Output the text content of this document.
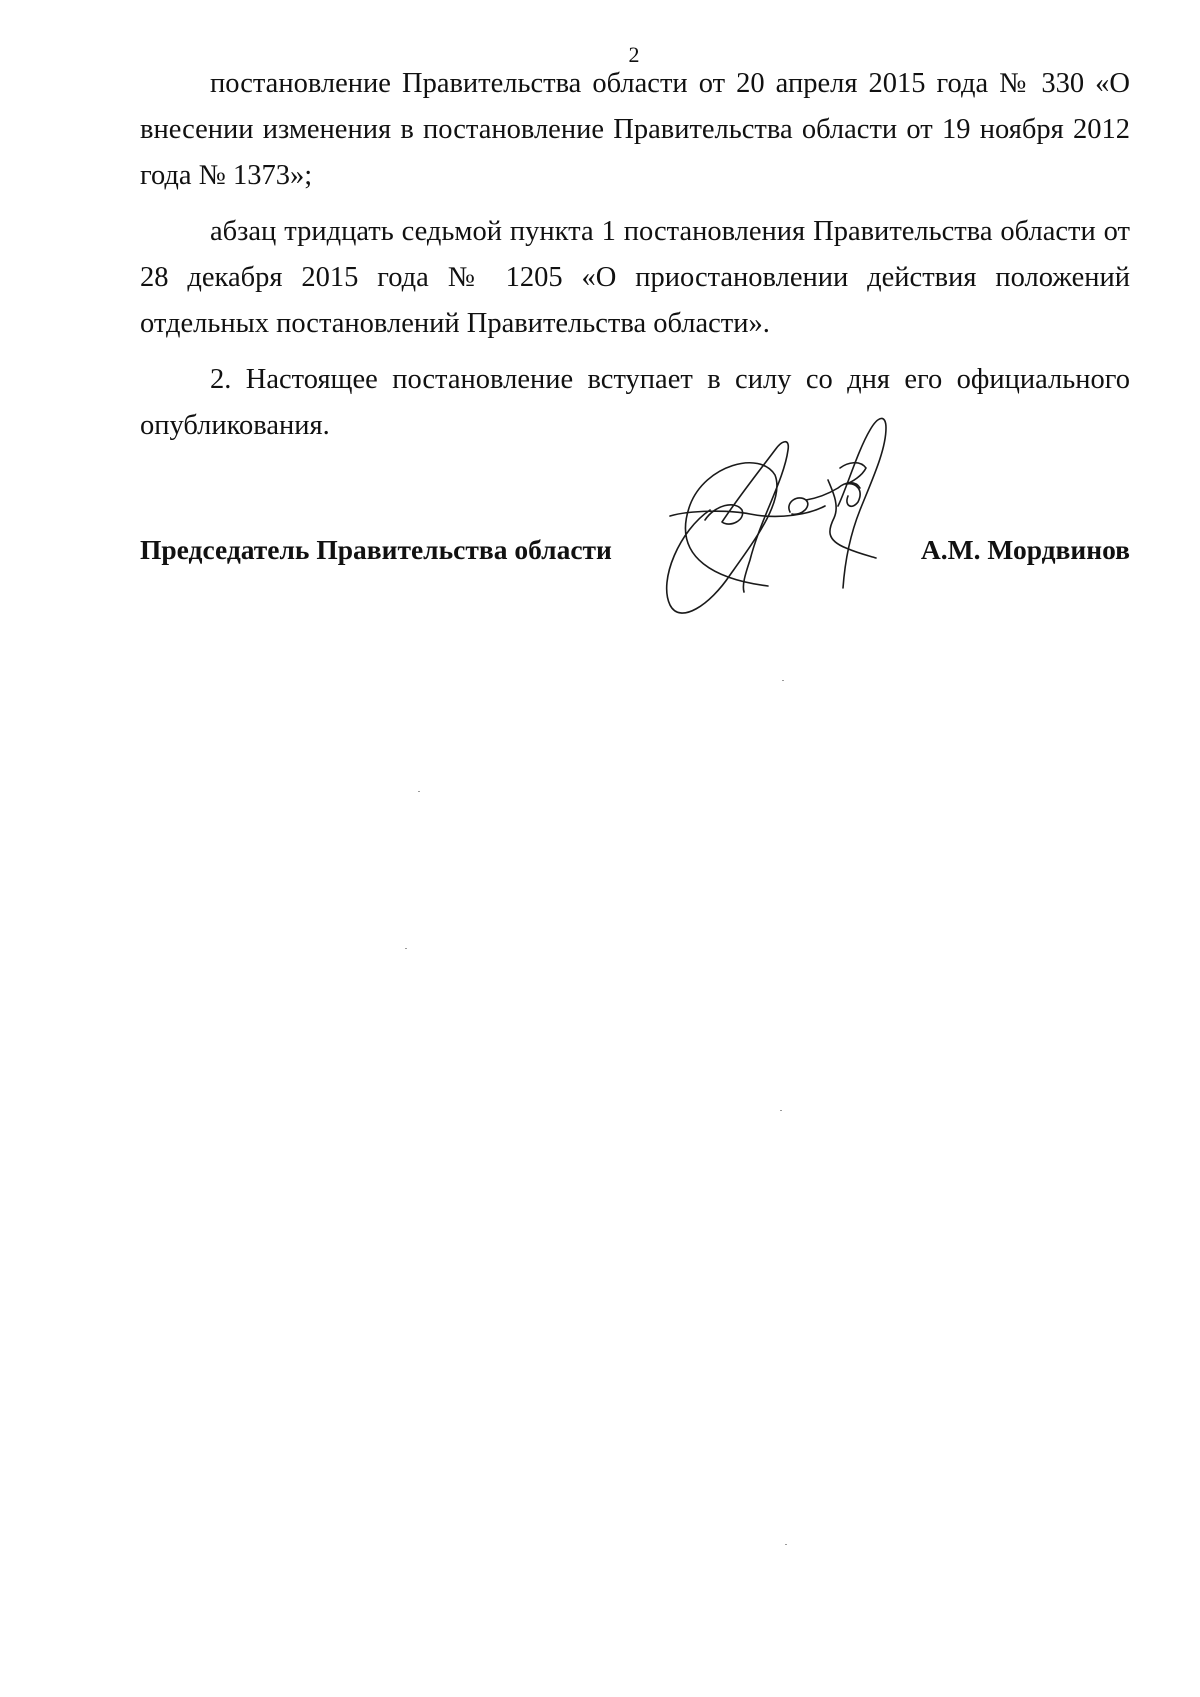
2

постановление Правительства области от 20 апреля 2015 года № 330 «О внесении изменения в постановление Правительства области от 19 ноября 2012 года № 1373»;

абзац тридцать седьмой пункта 1 постановления Правительства области от 28 декабря 2015 года № 1205 «О приостановлении действия положений отдельных постановлений Правительства области».

2. Настоящее постановление вступает в силу со дня его официального опубликования.

Председатель Правительства области	А.М. Мордвинов
